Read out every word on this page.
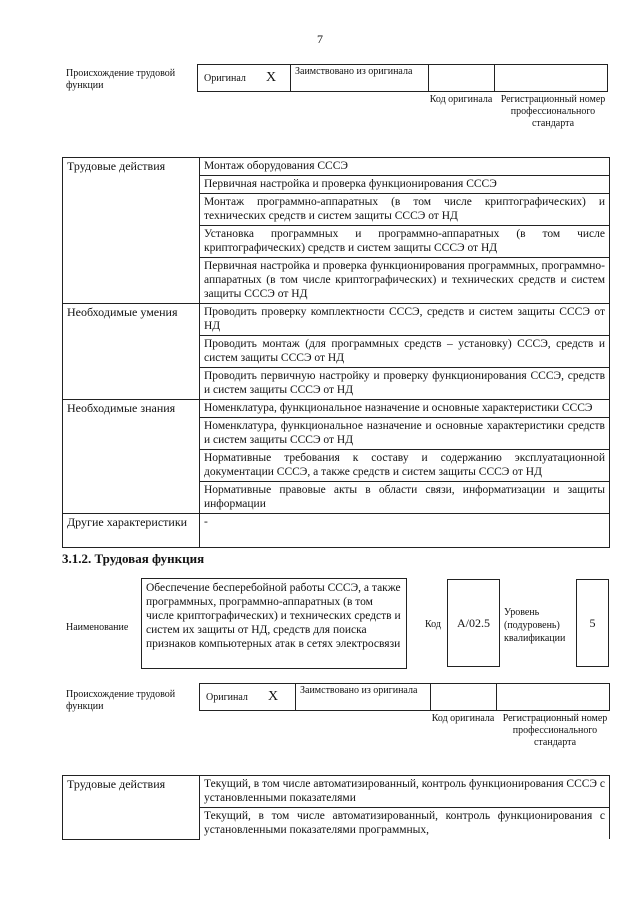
7
Происхождение трудовой функции
Оригинал X	Заимствовано из оригинала
Код оригинала Регистрационный номер профессионального стандарта
Трудовые действия	Монтаж оборудования СССЭ
	Первичная настройка и проверка функционирования СССЭ
	Монтаж программно-аппаратных (в том числе криптографических) и технических средств и систем защиты СССЭ от НД
	Установка программных и программно-аппаратных (в том числе криптографических) средств и систем защиты СССЭ от НД
	Первичная настройка и проверка функционирования программных, программно-аппаратных (в том числе криптографических) и технических средств и систем защиты СССЭ от НД
Необходимые умения	Проводить проверку комплектности СССЭ, средств и систем защиты СССЭ от НД
	Проводить монтаж (для программных средств – установку) СССЭ, средств и систем защиты СССЭ от НД
	Проводить первичную настройку и проверку функционирования СССЭ, средств и систем защиты СССЭ от НД
Необходимые знания	Номенклатура, функциональное назначение и основные характеристики СССЭ
	Номенклатура, функциональное назначение и основные характеристики средств и систем защиты СССЭ от НД
	Нормативные требования к составу и содержанию эксплуатационной документации СССЭ, а также средств и систем защиты СССЭ от НД
	Нормативные правовые акты в области связи, информатизации и защиты информации
Другие характеристики	-
3.1.2. Трудовая функция
Наименование
Обеспечение бесперебойной работы СССЭ, а также программных, программно-аппаратных (в том числе криптографических) и технических средств и систем их защиты от НД, средств для поиска признаков компьютерных атак в сетях электросвязи
Код	A/02.5
Уровень (подуровень) квалификации
5
Происхождение трудовой функции
Оригинал X	Заимствовано из оригинала
Код оригинала Регистрационный номер профессионального стандарта
Трудовые действия	Текущий, в том числе автоматизированный, контроль функционирования СССЭ с установленными показателями
Текущий, в том числе автоматизированный, контроль функционирования с установленными показателями программных,
